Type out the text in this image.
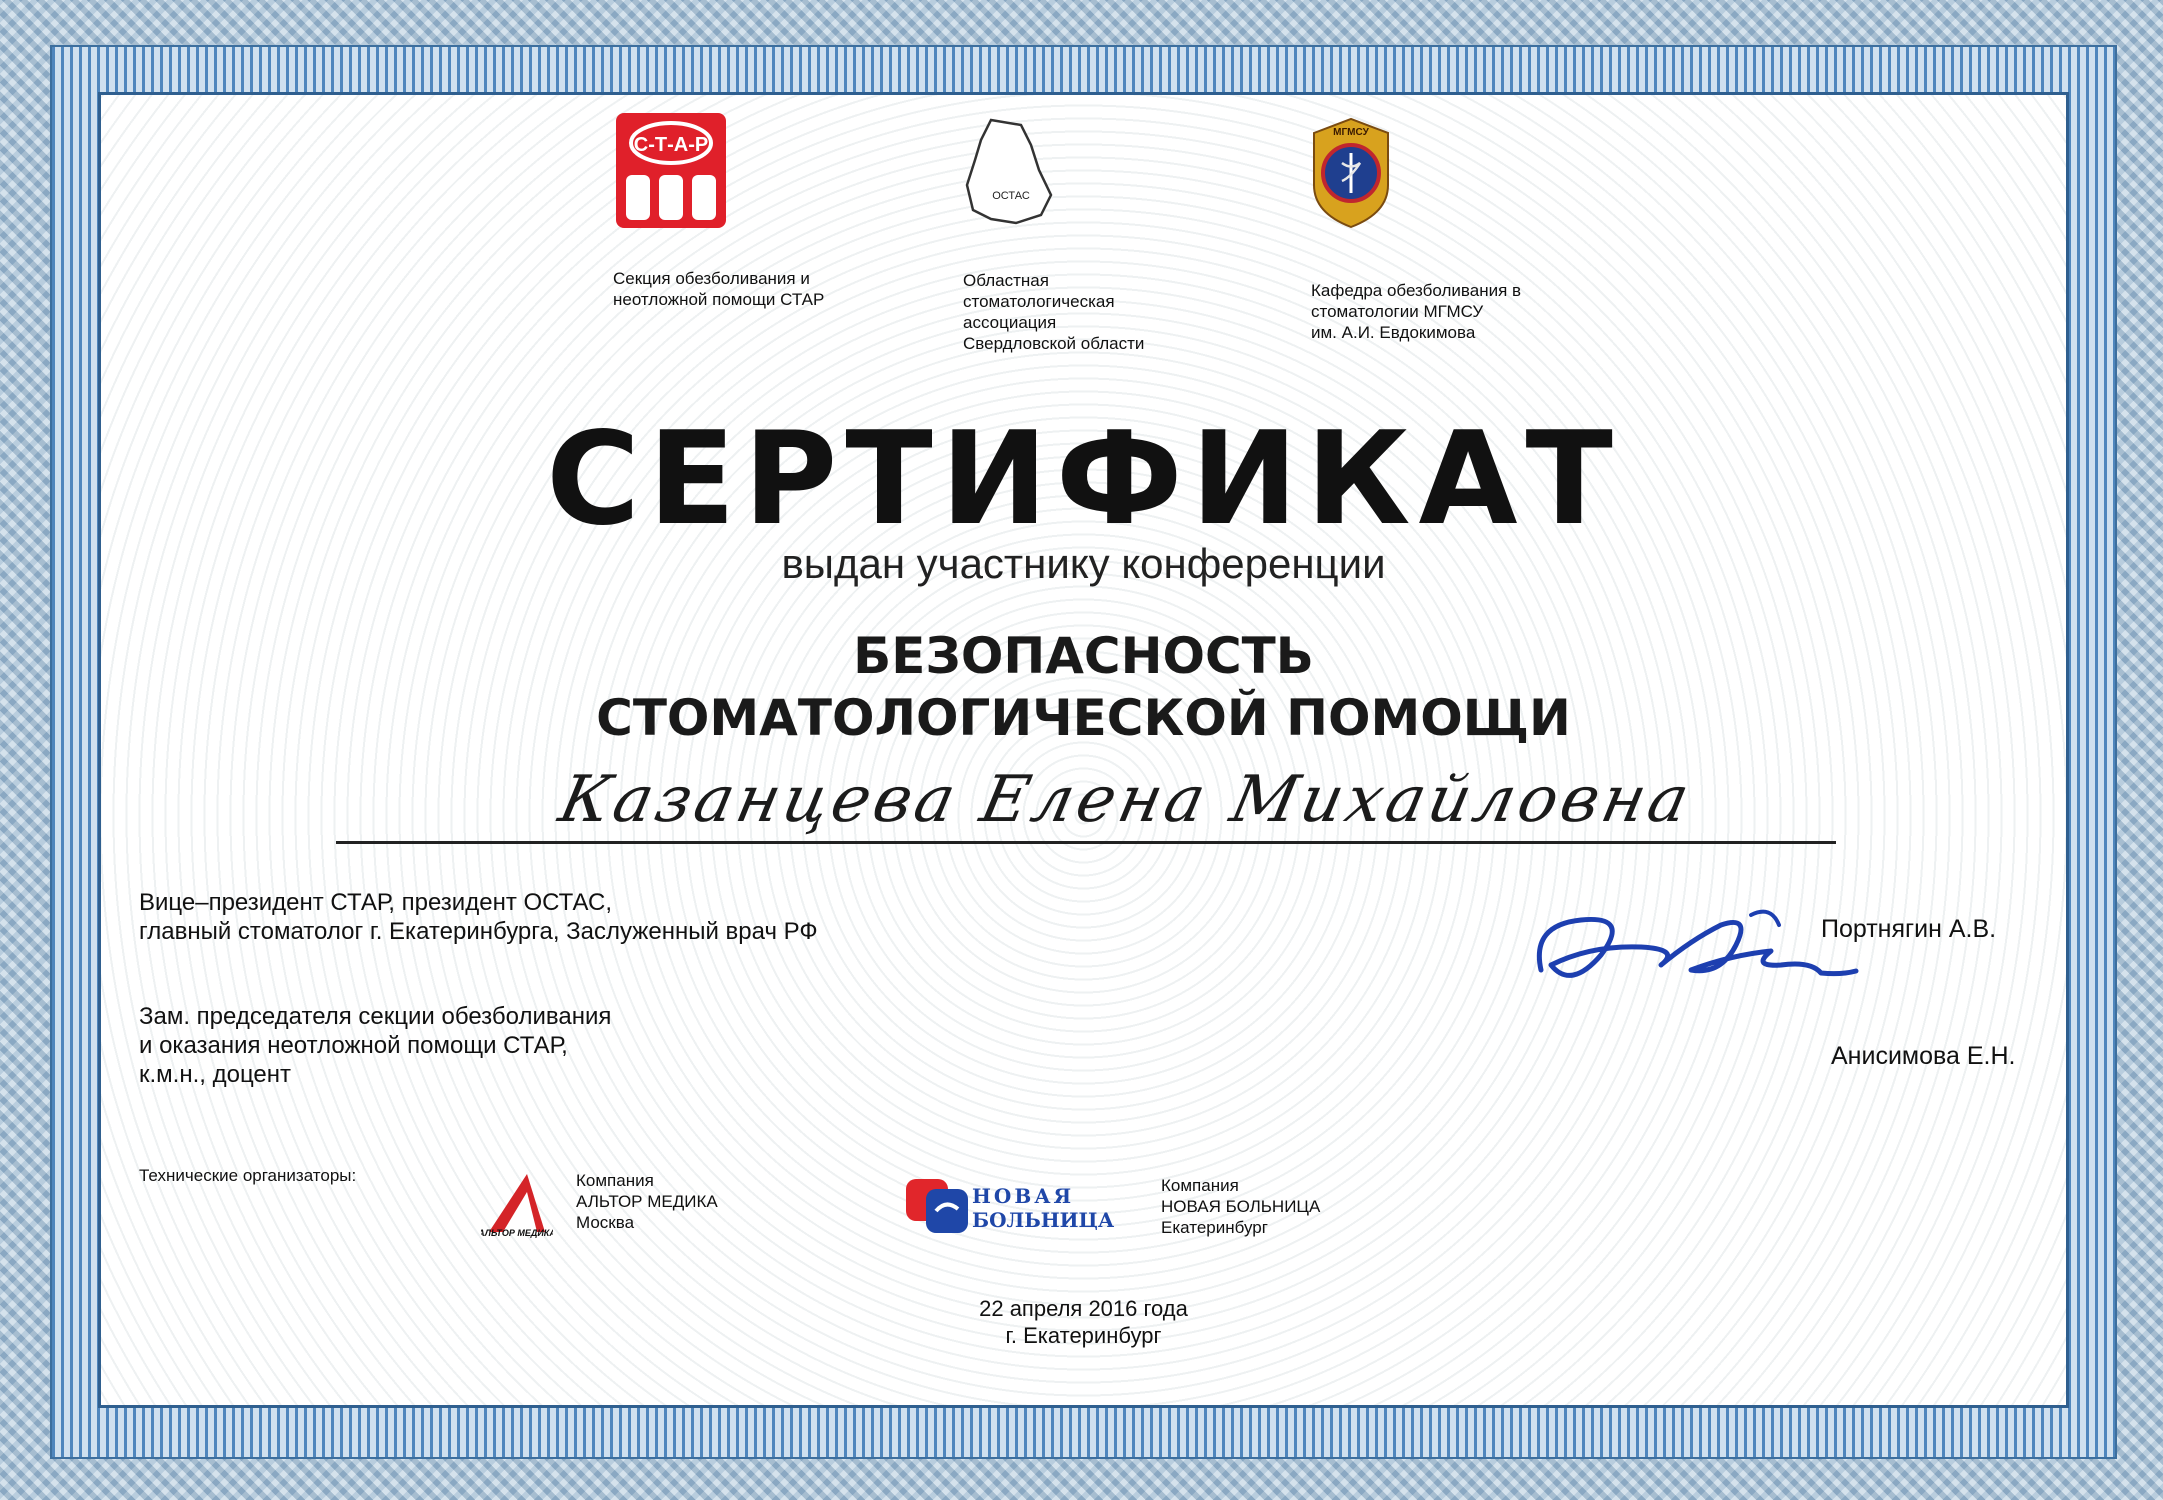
С-Т-А-Р
Секция обезболивания и
неотложной помощи СТАР
ОСТАС
Областная
стоматологическая
ассоциация
Свердловской области
МГМСУ
Кафедра обезболивания в
стоматологии МГМСУ
им. А.И. Евдокимова
СЕРТИФИКАТ
выдан участнику конференции
БЕЗОПАСНОСТЬ
СТОМАТОЛОГИЧЕСКОЙ ПОМОЩИ
Казанцева Елена Михайловна
Вице–президент СТАР, президент ОСТАС,
главный стоматолог г. Екатеринбурга, Заслуженный врач РФ	Портнягин А.В.
Зам. председателя секции обезболивания
и оказания неотложной помощи СТАР,
к.м.н., доцент
Анисимова Е.Н.
Технические организаторы:
АЛЬТОР МЕДИКА
Компания
АЛЬТОР МЕДИКА
Москва
НОВАЯ
БОЛЬНИЦА
Компания
НОВАЯ БОЛЬНИЦА
Екатеринбург
22 апреля 2016 года
г. Екатеринбург
